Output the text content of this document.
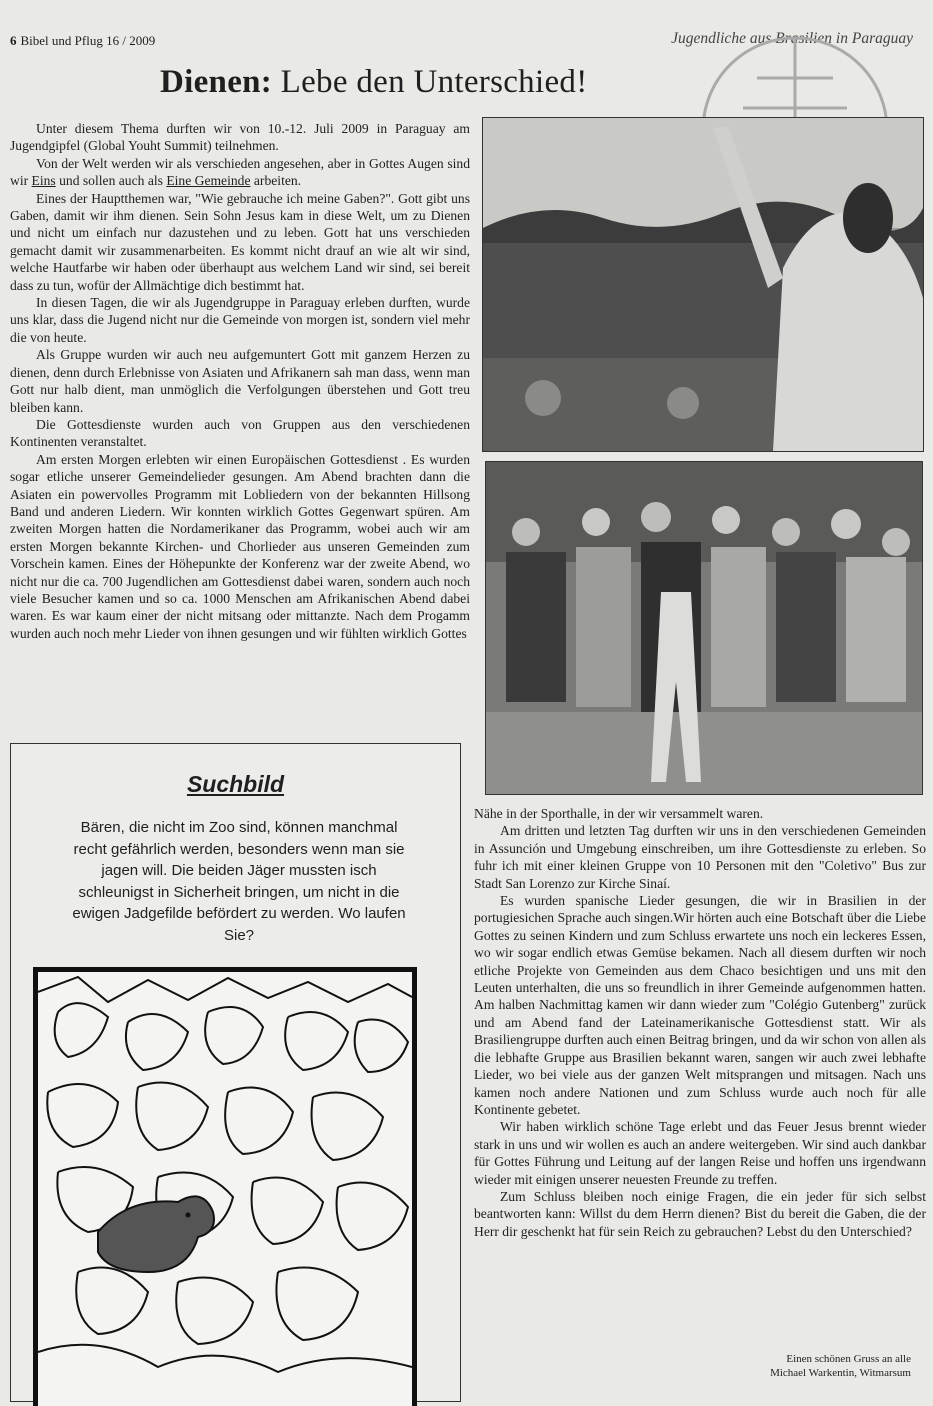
6 Bibel und Pflug 16 / 2009	Jugendliche aus Brasilien in Paraguay
Dienen: Lebe den Unterschied!

Unter diesem Thema durften wir von 10.-12. Juli 2009 in Paraguay am Jugendgipfel (Global Youht Summit) teilnehmen.

Von der Welt werden wir als verschieden angesehen, aber in Gottes Augen sind wir Eins und sollen auch als Eine Gemeinde arbeiten.

Eines der Hauptthemen war, "Wie gebrauche ich meine Gaben?". Gott gibt uns Gaben, damit wir ihm dienen. Sein Sohn Jesus kam in diese Welt, um zu Dienen und nicht um einfach nur dazustehen und zu leben. Gott hat uns verschieden gemacht damit wir zusammenarbeiten. Es kommt nicht drauf an wie alt wir sind, welche Hautfarbe wir haben oder überhaupt aus welchem Land wir sind, sei bereit dass zu tun, wofür der Allmächtige dich bestimmt hat.

In diesen Tagen, die wir als Jugendgruppe in Paraguay erleben durften, wurde uns klar, dass die Jugend nicht nur die Gemeinde von morgen ist, sondern viel mehr die von heute.

Als Gruppe wurden wir auch neu aufgemuntert Gott mit ganzem Herzen zu dienen, denn durch Erlebnisse von Asiaten und Afrikanern sah man dass, wenn man Gott nur halb dient, man unmöglich die Verfolgungen überstehen und Gott treu bleiben kann.

Die Gottesdienste wurden auch von Gruppen aus den verschiedenen Kontinenten veranstaltet.

Am ersten Morgen erlebten wir einen Europäischen Gottesdienst . Es wurden sogar etliche unserer Gemeindelieder gesungen. Am Abend brachten dann die Asiaten ein powervolles Programm mit Lobliedern von der bekannten Hillsong Band und anderen Liedern. Wir konnten wirklich Gottes Gegenwart spüren. Am zweiten Morgen hatten die Nordamerikaner das Programm, wobei auch wir am ersten Morgen bekannte Kirchen- und Chorlieder aus unseren Gemeinden zum Vorschein kamen. Eines der Höhepunkte der Konferenz war der zweite Abend, wo nicht nur die ca. 700 Jugendlichen am Gottesdienst dabei waren, sondern auch noch viele Besucher kamen und so ca. 1000 Menschen am Afrikanischen Abend dabei waren. Es war kaum einer der nicht mitsang oder mittanzte. Nach dem Progamm wurden auch noch mehr Lieder von ihnen gesungen und wir fühlten wirklich Gottes

Suchbild
Bären, die nicht im Zoo sind, können manchmal recht gefährlich werden, besonders wenn man sie jagen will. Die beiden Jäger mussten isch schleunigst in Sicherheit bringen, um nicht in die ewigen Jadgefilde befördert zu werden. Wo laufen Sie?

Nähe in der Sporthalle, in der wir versammelt waren.

Am dritten und letzten Tag durften wir uns in den verschiedenen Gemeinden in Assunción und Umgebung einschreiben, um ihre Gottesdienste zu erleben. So fuhr ich mit einer kleinen Gruppe von 10 Personen mit den "Coletivo" Bus zur Stadt San Lorenzo zur Kirche Sinaí.

Es wurden spanische Lieder gesungen, die wir in Brasilien in der portugiesichen Sprache auch singen.Wir hörten auch eine Botschaft über die Liebe Gottes zu seinen Kindern und zum Schluss erwartete uns noch ein leckeres Essen, wo wir sogar endlich etwas Gemüse bekamen. Nach all diesem durften wir noch etliche Projekte von Gemeinden aus dem Chaco besichtigen und uns mit den Leuten unterhalten, die uns so freundlich in ihrer Gemeinde aufgenommen hatten. Am halben Nachmittag kamen wir dann wieder zum "Colégio Gutenberg" zurück und am Abend fand der Lateinamerikanische Gottesdienst statt. Wir als Brasiliengruppe durften auch einen Beitrag bringen, und da wir schon von allen als die lebhafte Gruppe aus Brasilien bekannt waren, sangen wir auch zwei lebhafte Lieder, wo bei viele aus der ganzen Welt mitsprangen und mitsagen. Nach uns kamen noch andere Nationen und zum Schluss wurde auch noch für alle Kontinente gebetet.

Wir haben wirklich schöne Tage erlebt und das Feuer Jesus brennt wieder stark in uns und wir wollen es auch an andere weitergeben. Wir sind auch dankbar für Gottes Führung und Leitung auf der langen Reise und hoffen uns irgendwann wieder mit einigen unserer neuesten Freunde zu treffen.

Zum Schluss bleiben noch einige Fragen, die ein jeder für sich selbst beantworten kann: Willst du dem Herrn dienen? Bist du bereit die Gaben, die der Herr dir geschenkt hat für sein Reich zu gebrauchen? Lebst du den Unterschied?

Einen schönen Gruss an alle
Michael Warkentin, Witmarsum
